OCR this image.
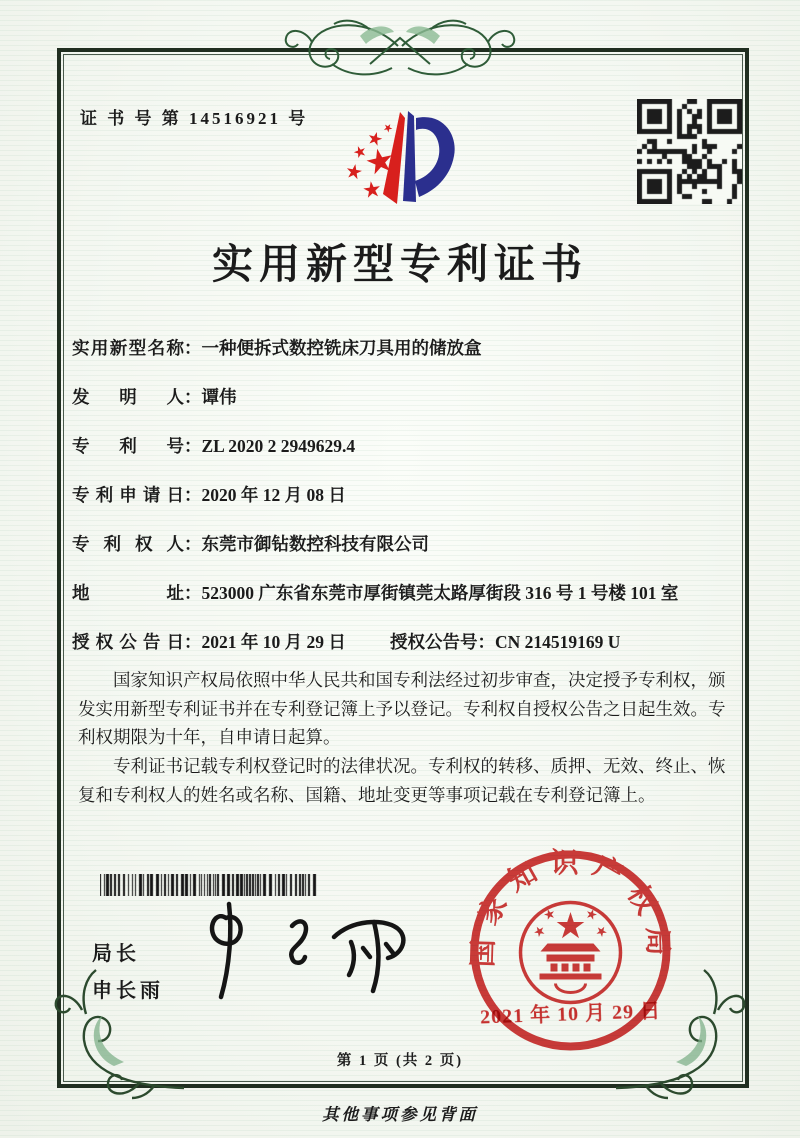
证 书 号 第 14516921 号
实用新型专利证书
实用新型名称 ： 一种便拆式数控铣床刀具用的储放盒
发明人 ： 谭伟
专利号 ： ZL 2020 2 2949629.4
专利申请日 ： 2020 年 12 月 08 日
专利权人 ： 东莞市御钻数控科技有限公司
地址 ： 523000 广东省东莞市厚街镇莞太路厚街段 316 号 1 号楼 101 室
授权公告日 ： 2021 年 10 月 29 日	授权公告号 ： CN 214519169 U

国家知识产权局依照中华人民共和国专利法经过初步审查，决定授予专利权，颁发实用新型专利证书并在专利登记簿上予以登记。专利权自授权公告之日起生效。专利权期限为十年，自申请日起算。

专利证书记载专利权登记时的法律状况。专利权的转移、质押、无效、终止、恢复和专利权人的姓名或名称、国籍、地址变更等事项记载在专利登记簿上。

局长
申长雨
国家知识产权局
2021 年 10 月 29 日
第 1 页 (共 2 页)
其他事项参见背面
